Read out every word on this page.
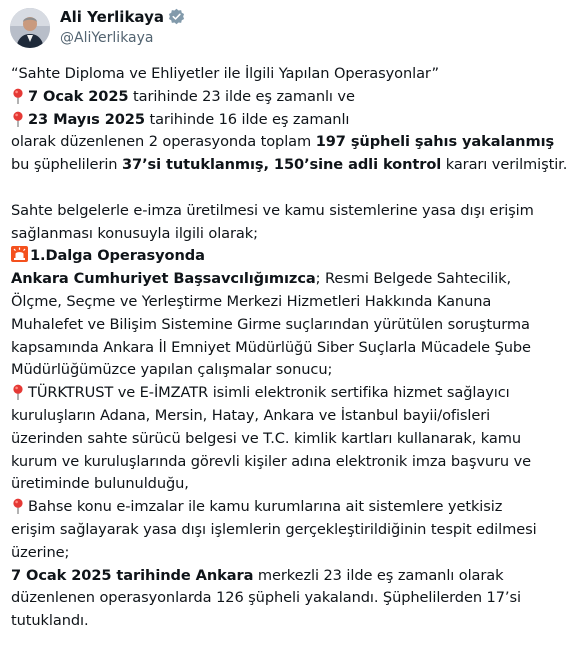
Ali Yerlikaya
@AliYerlikaya
“Sahte Diploma ve Ehliyetler ile İlgili Yapılan Operasyonlar”
7 Ocak 2025 tarihinde 23 ilde eş zamanlı ve
23 Mayıs 2025 tarihinde 16 ilde eş zamanlı
olarak düzenlenen 2 operasyonda toplam 197 şüpheli şahıs yakalanmış
bu şüphelilerin 37’si tutuklanmış, 150’sine adli kontrol kararı verilmiştir.
Sahte belgelerle e-imza üretilmesi ve kamu sistemlerine yasa dışı erişim
sağlanması konusuyla ilgili olarak;
1.Dalga Operasyonda
Ankara Cumhuriyet Başsavcılığımızca; Resmi Belgede Sahtecilik,
Ölçme, Seçme ve Yerleştirme Merkezi Hizmetleri Hakkında Kanuna
Muhalefet ve Bilişim Sistemine Girme suçlarından yürütülen soruşturma
kapsamında Ankara İl Emniyet Müdürlüğü Siber Suçlarla Mücadele Şube
Müdürlüğümüzce yapılan çalışmalar sonucu;
TÜRKTRUST ve E-İMZATR isimli elektronik sertifika hizmet sağlayıcı
kuruluşların Adana, Mersin, Hatay, Ankara ve İstanbul bayii/ofisleri
üzerinden sahte sürücü belgesi ve T.C. kimlik kartları kullanarak, kamu
kurum ve kuruluşlarında görevli kişiler adına elektronik imza başvuru ve
üretiminde bulunulduğu,
Bahse konu e-imzalar ile kamu kurumlarına ait sistemlere yetkisiz
erişim sağlayarak yasa dışı işlemlerin gerçekleştirildiğinin tespit edilmesi
üzerine;
7 Ocak 2025 tarihinde Ankara merkezli 23 ilde eş zamanlı olarak
düzenlenen operasyonlarda 126 şüpheli yakalandı. Şüphelilerden 17’si
tutuklandı.
